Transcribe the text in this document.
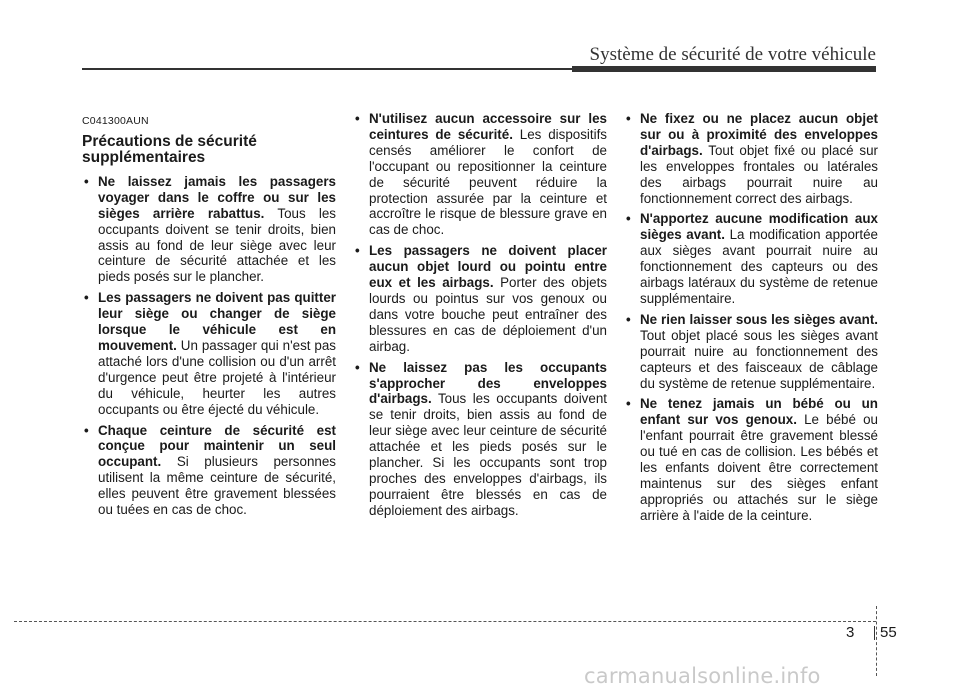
Système de sécurité de votre véhicule
C041300AUN
Précautions de sécurité supplémentaires
• Ne laissez jamais les passagers voyager dans le coffre ou sur les sièges arrière rabattus. Tous les occupants doivent se tenir droits, bien assis au fond de leur siège avec leur ceinture de sécurité attachée et les pieds posés sur le plancher.
• Les passagers ne doivent pas quitter leur siège ou changer de siège lorsque le véhicule est en mouvement. Un passager qui n'est pas attaché lors d'une collision ou d'un arrêt d'urgence peut être projeté à l'intérieur du véhicule, heurter les autres occupants ou être éjecté du véhicule.
• Chaque ceinture de sécurité est conçue pour maintenir un seul occupant. Si plusieurs personnes utilisent la même ceinture de sécurité, elles peuvent être gravement blessées ou tuées en cas de choc.
• N'utilisez aucun accessoire sur les ceintures de sécurité. Les dispositifs censés améliorer le confort de l'occupant ou repositionner la ceinture de sécurité peuvent réduire la protection assurée par la ceinture et accroître le risque de blessure grave en cas de choc.
• Les passagers ne doivent placer aucun objet lourd ou pointu entre eux et les airbags. Porter des objets lourds ou pointus sur vos genoux ou dans votre bouche peut entraîner des blessures en cas de déploiement d'un airbag.
• Ne laissez pas les occupants s'approcher des enveloppes d'airbags. Tous les occupants doivent se tenir droits, bien assis au fond de leur siège avec leur ceinture de sécurité attachée et les pieds posés sur le plancher. Si les occupants sont trop proches des enveloppes d'airbags, ils pourraient être blessés en cas de déploiement des airbags.
• Ne fixez ou ne placez aucun objet sur ou à proximité des enveloppes d'airbags. Tout objet fixé ou placé sur les enveloppes frontales ou latérales des airbags pourrait nuire au fonctionnement correct des airbags.
• N'apportez aucune modification aux sièges avant. La modification apportée aux sièges avant pourrait nuire au fonctionnement des capteurs ou des airbags latéraux du système de retenue supplémentaire.
• Ne rien laisser sous les sièges avant. Tout objet placé sous les sièges avant pourrait nuire au fonctionnement des capteurs et des faisceaux de câblage du système de retenue supplémentaire.
• Ne tenez jamais un bébé ou un enfant sur vos genoux. Le bébé ou l'enfant pourrait être gravement blessé ou tué en cas de collision. Les bébés et les enfants doivent être correctement maintenus sur des sièges enfant appropriés ou attachés sur le siège arrière à l'aide de la ceinture.
3 55
carmanualsonline.info
